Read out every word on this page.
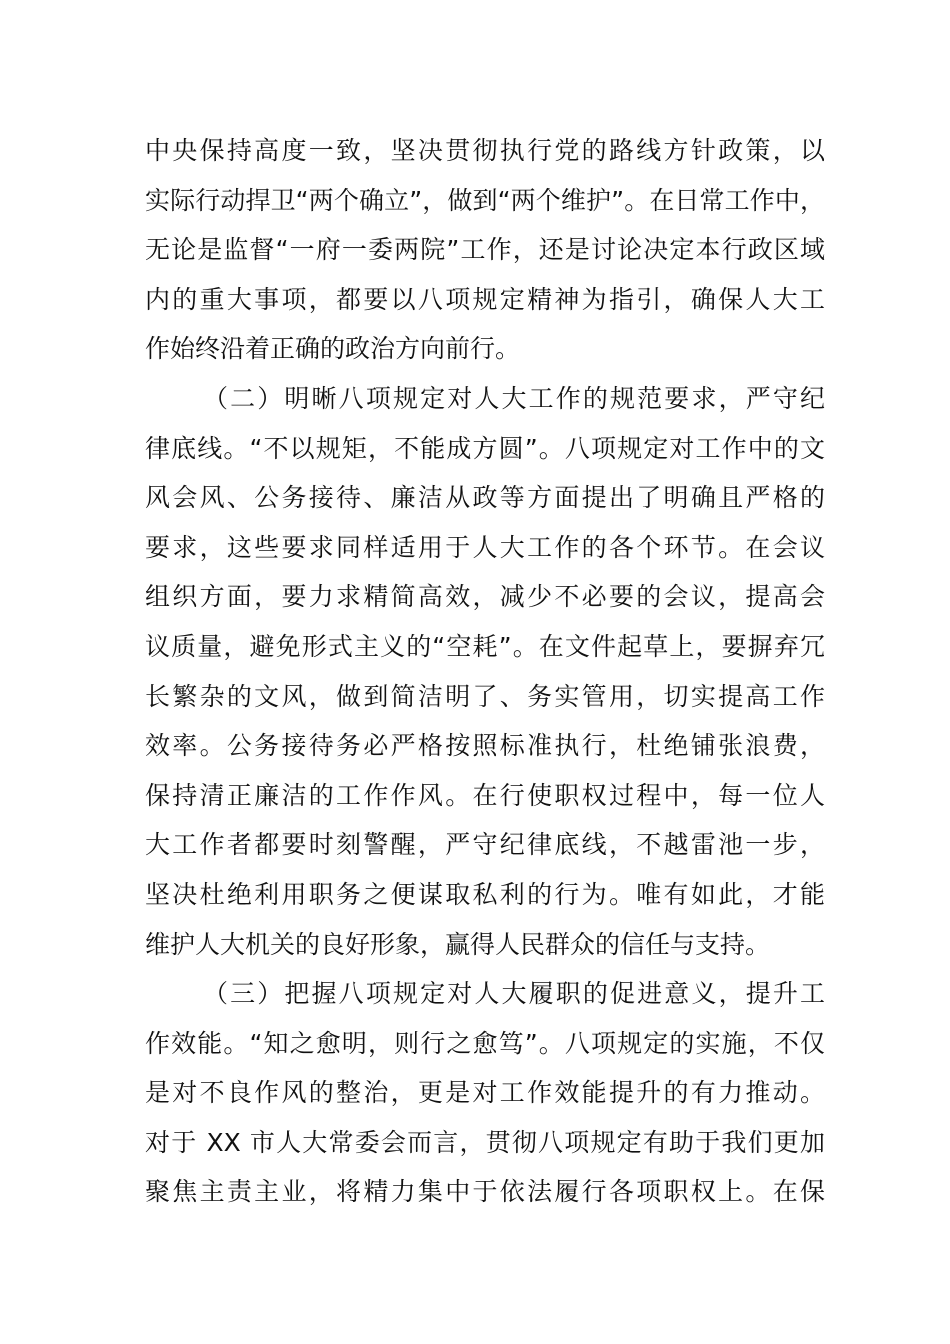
中央保持高度一致，坚决贯彻执行党的路线方针政策，以
实际行动捍卫“两个确立”，做到“两个维护”。在日常工作中，
无论是监督“一府一委两院”工作，还是讨论决定本行政区域
内的重大事项，都要以八项规定精神为指引，确保人大工
作始终沿着正确的政治方向前行。
（二）明晰八项规定对人大工作的规范要求，严守纪
律底线。“不以规矩，不能成方圆”。八项规定对工作中的文
风会风、公务接待、廉洁从政等方面提出了明确且严格的
要求，这些要求同样适用于人大工作的各个环节。在会议
组织方面，要力求精简高效，减少不必要的会议，提高会
议质量，避免形式主义的“空耗”。在文件起草上，要摒弃冗
长繁杂的文风，做到简洁明了、务实管用，切实提高工作
效率。公务接待务必严格按照标准执行，杜绝铺张浪费，
保持清正廉洁的工作作风。在行使职权过程中，每一位人
大工作者都要时刻警醒，严守纪律底线，不越雷池一步，
坚决杜绝利用职务之便谋取私利的行为。唯有如此，才能
维护人大机关的良好形象，赢得人民群众的信任与支持。
（三）把握八项规定对人大履职的促进意义，提升工
作效能。“知之愈明，则行之愈笃”。八项规定的实施，不仅
是对不良作风的整治，更是对工作效能提升的有力推动。
对于 XX 市人大常委会而言，贯彻八项规定有助于我们更加
聚焦主责主业，将精力集中于依法履行各项职权上。在保
